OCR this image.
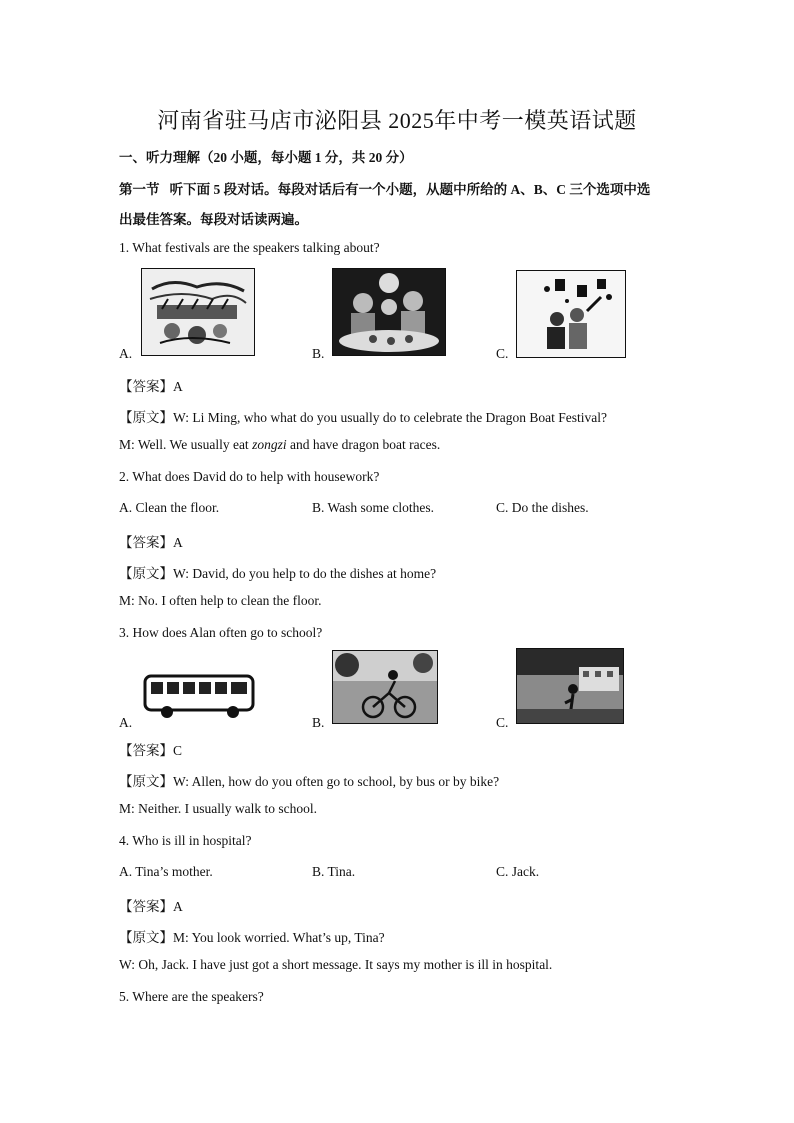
河南省驻马店市泌阳县 2025年中考一模英语试题
一、听力理解（20 小题，每小题 1 分，共 20 分）
第一节 听下面 5 段对话。每段对话后有一个小题，从题中所给的 A、B、C 三个选项中选
出最佳答案。每段对话读两遍。
1. What festivals are the speakers talking about?
A.	B.	C.
【答案】A
【原文】W: Li Ming, who what do you usually do to celebrate the Dragon Boat Festival?
M: Well. We usually eat zongzi and have dragon boat races.
2. What does David do to help with housework?
A. Clean the floor.	B. Wash some clothes.	C. Do the dishes.
【答案】A
【原文】W: David, do you help to do the dishes at home?
M: No. I often help to clean the floor.
3. How does Alan often go to school?
A.	B.	C.
【答案】C
【原文】W: Allen, how do you often go to school, by bus or by bike?
M: Neither. I usually walk to school.
4. Who is ill in hospital?
A. Tina’s mother.	B. Tina.	C. Jack.
【答案】A
【原文】M: You look worried. What’s up, Tina?
W: Oh, Jack. I have just got a short message. It says my mother is ill in hospital.
5. Where are the speakers?
